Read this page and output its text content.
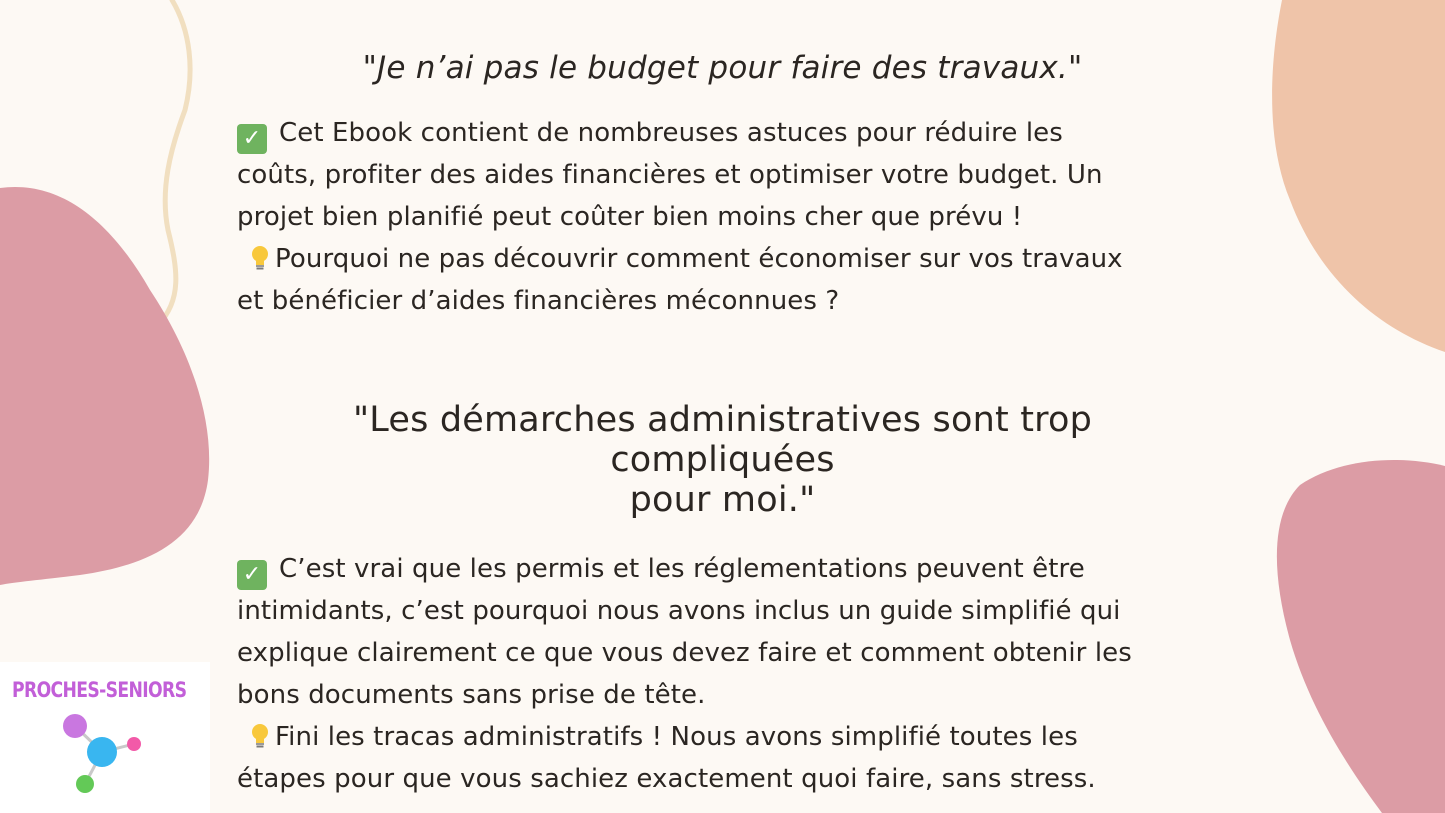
"Je n’ai pas le budget pour faire des travaux."

✓ Cet Ebook contient de nombreuses astuces pour réduire les
coûts, profiter des aides financières et optimiser votre budget. Un
projet bien planifié peut coûter bien moins cher que prévu !

Pourquoi ne pas découvrir comment économiser sur vos travaux
et bénéficier d’aides financières méconnues ?

"Les démarches administratives sont trop compliquées
pour moi."

✓ C’est vrai que les permis et les réglementations peuvent être
intimidants, c’est pourquoi nous avons inclus un guide simplifié qui
explique clairement ce que vous devez faire et comment obtenir les
bons documents sans prise de tête.

Fini les tracas administratifs ! Nous avons simplifié toutes les
étapes pour que vous sachiez exactement quoi faire, sans stress.

PROCHES-SENIORS
